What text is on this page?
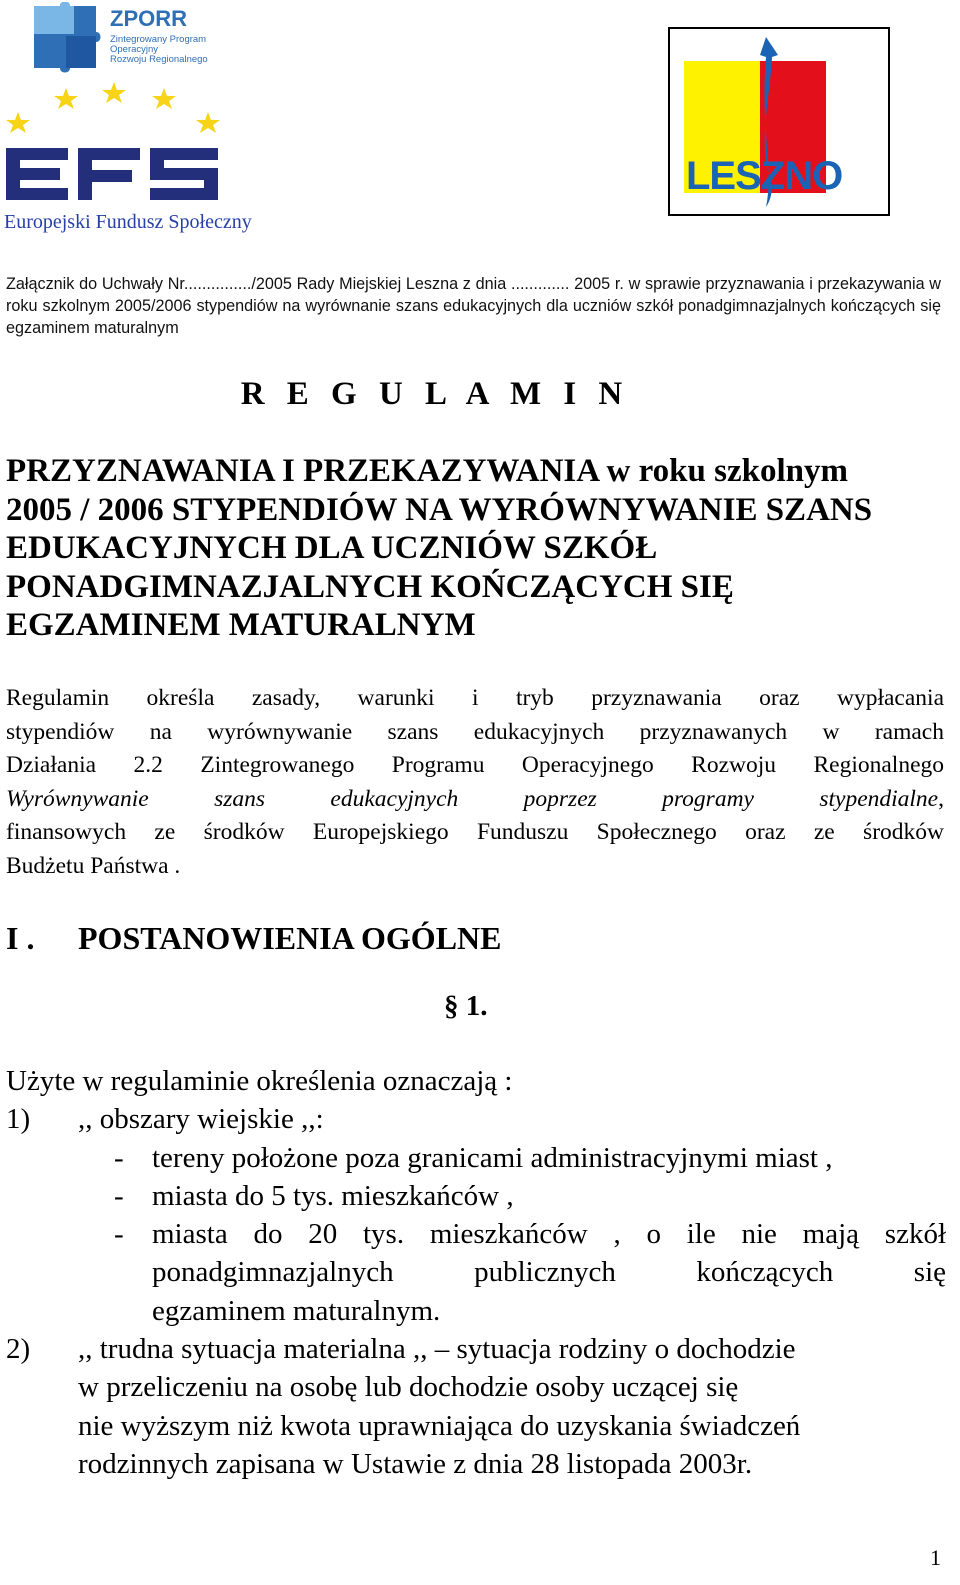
ZPORR
Zintegrowany Program
Operacyjny
Rozwoju Regionalnego
Europejski Fundusz Społeczny
LESZNO
Załącznik do Uchwały Nr.............../2005 Rady Miejskiej Leszna z dnia ............. 2005 r. w sprawie przyznawania i przekazywania w roku szkolnym 2005/2006 stypendiów na wyrównanie szans edukacyjnych dla uczniów szkół ponadgimnazjalnych kończących się egzaminem maturalnym
R E G U L A M I N
PRZYZNAWANIA I PRZEKAZYWANIA w roku szkolnym
2005 / 2006 STYPENDIÓW NA WYRÓWNYWANIE SZANS
EDUKACYJNYCH DLA UCZNIÓW SZKÓŁ
PONADGIMNAZJALNYCH KOŃCZĄCYCH SIĘ
EGZAMINEM MATURALNYM
Regulamin określa zasady, warunki i tryb przyznawania oraz wypłacania
stypendiów na wyrównywanie szans edukacyjnych przyznawanych w ramach
Działania 2.2 Zintegrowanego Programu Operacyjnego Rozwoju Regionalnego
Wyrównywanie szans edukacyjnych poprzez programy stypendialne,
finansowych ze środków Europejskiego Funduszu Społecznego oraz ze środków
Budżetu Państwa .
I . POSTANOWIENIA OGÓLNE
§ 1.
Użyte w regulaminie określenia oznaczają :
1) ,, obszary wiejskie ,,:
- tereny położone poza granicami administracyjnymi miast ,
- miasta do 5 tys. mieszkańców ,
- miasta do 20 tys. mieszkańców , o ile nie mają szkół
ponadgimnazjalnych publicznych kończących się
egzaminem maturalnym.
2) ,, trudna sytuacja materialna ,, – sytuacja rodziny o dochodzie
w przeliczeniu na osobę lub dochodzie osoby uczącej się
nie wyższym niż kwota uprawniająca do uzyskania świadczeń
rodzinnych zapisana w Ustawie z dnia 28 listopada 2003r.
1
